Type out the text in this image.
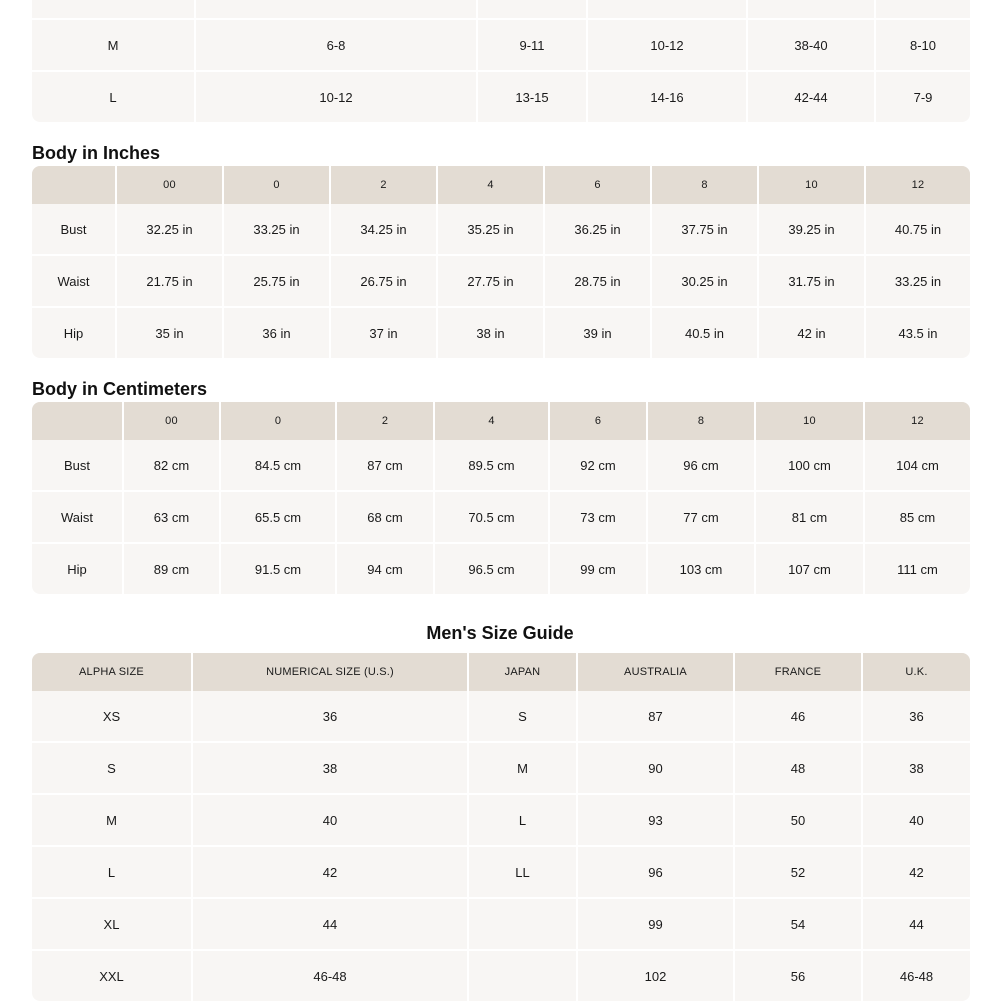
M	6-8	9-11	10-12	38-40	8-10
L	10-12	13-15	14-16	42-44	7-9
Body in Inches
	00	0	2	4	6	8	10	12
Bust	32.25 in	33.25 in	34.25 in	35.25 in	36.25 in	37.75 in	39.25 in	40.75 in
Waist	21.75 in	25.75 in	26.75 in	27.75 in	28.75 in	30.25 in	31.75 in	33.25 in
Hip	35 in	36 in	37 in	38 in	39 in	40.5 in	42 in	43.5 in
Body in Centimeters
	00	0	2	4	6	8	10	12
Bust	82 cm	84.5 cm	87 cm	89.5 cm	92 cm	96 cm	100 cm	104 cm
Waist	63 cm	65.5 cm	68 cm	70.5 cm	73 cm	77 cm	81 cm	85 cm
Hip	89 cm	91.5 cm	94 cm	96.5 cm	99 cm	103 cm	107 cm	111 cm
Men's Size Guide
ALPHA SIZE	NUMERICAL SIZE (U.S.)	JAPAN	AUSTRALIA	FRANCE	U.K.
XS	36	S	87	46	36
S	38	M	90	48	38
M	40	L	93	50	40
L	42	LL	96	52	42
XL	44		99	54	44
XXL	46-48		102	56	46-48
